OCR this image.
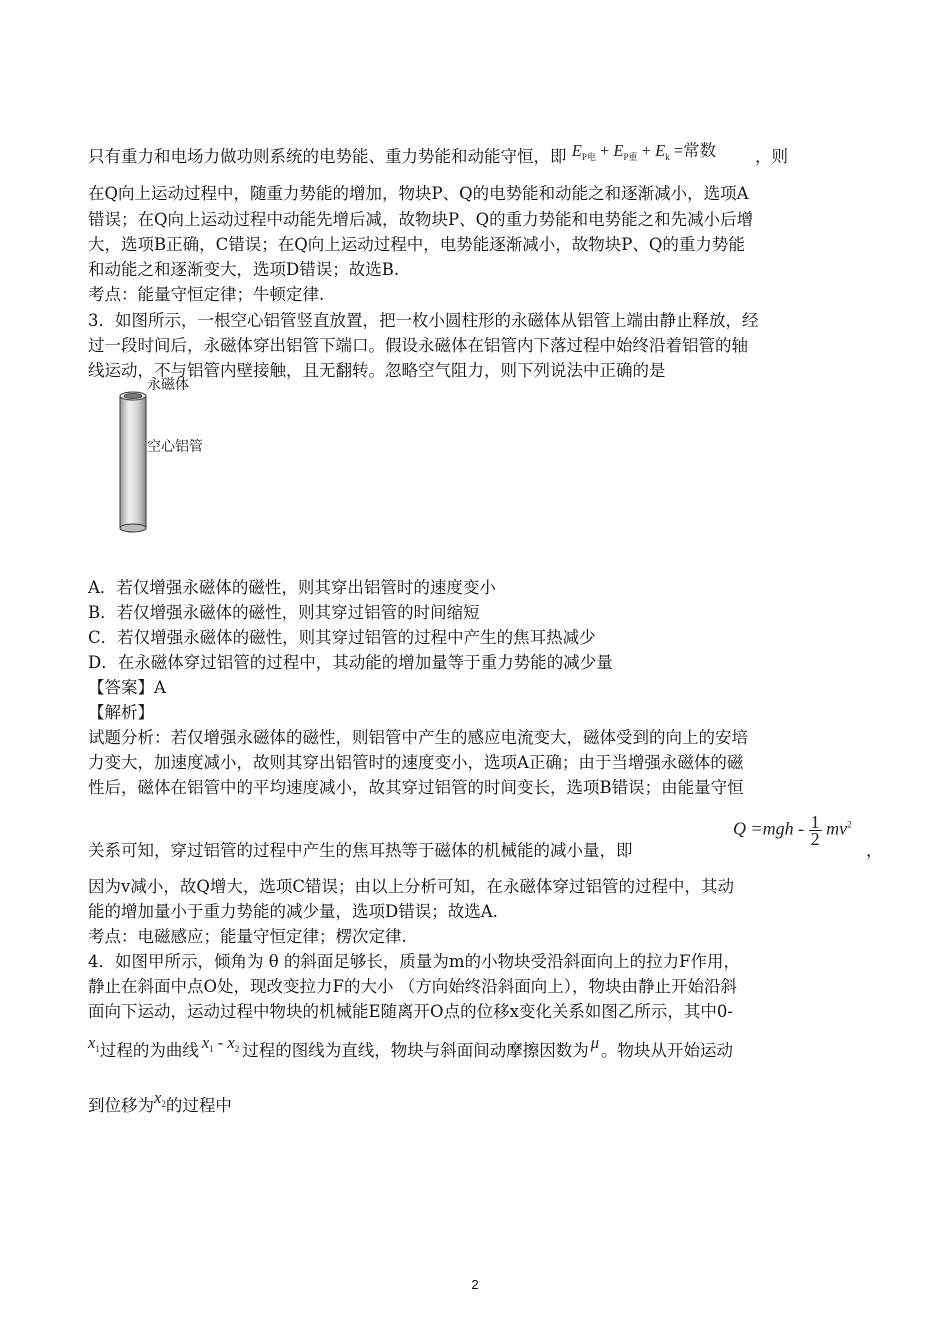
只有重力和电场力做功则系统的电势能、重力势能和动能守恒，即 $E_{P电} + E_{P重} + E_k$ =常数 ，则
在Q向上运动过程中，随重力势能的增加，物块P、Q的电势能和动能之和逐渐减小，选项A
错误；在Q向上运动过程中动能先增后减，故物块P、Q的重力势能和电势能之和先减小后增
大，选项B正确，C错误；在Q向上运动过程中，电势能逐渐减小，故物块P、Q的重力势能
和动能之和逐渐变大，选项D错误；故选B.
考点：能量守恒定律；牛顿定律.
3．如图所示，一根空心铝管竖直放置，把一枚小圆柱形的永磁体从铝管上端由静止释放，经
过一段时间后，永磁体穿出铝管下端口。假设永磁体在铝管内下落过程中始终沿着铝管的轴
线运动，不与铝管内壁接触，且无翻转。忽略空气阻力，则下列说法中正确的是
永磁体
空心铝管
A．若仅增强永磁体的磁性，则其穿出铝管时的速度变小
B．若仅增强永磁体的磁性，则其穿过铝管的时间缩短
C．若仅增强永磁体的磁性，则其穿过铝管的过程中产生的焦耳热减少
D．在永磁体穿过铝管的过程中，其动能的增加量等于重力势能的减少量
【答案】A
【解析】
试题分析：若仅增强永磁体的磁性，则铝管中产生的感应电流变大，磁体受到的向上的安培
力变大，加速度减小，故则其穿出铝管时的速度变小，选项A正确；由于当增强永磁体的磁
性后，磁体在铝管中的平均速度减小，故其穿过铝管的时间变长，选项B错误；由能量守恒
关系可知，穿过铝管的过程中产生的焦耳热等于磁体的机械能的减小量，即
$Q =mgh - \frac{1}{2} mv^2$
，
因为v减小，故Q增大，选项C错误；由以上分析可知，在永磁体穿过铝管的过程中，其动
能的增加量小于重力势能的减少量，选项D错误；故选A.
考点：电磁感应；能量守恒定律；楞次定律.
4．如图甲所示，倾角为 θ 的斜面足够长，质量为m的小物块受沿斜面向上的拉力F作用，
静止在斜面中点O处，现改变拉力F的大小 （方向始终沿斜面向上），物块由静止开始沿斜
面向下运动，运动过程中物块的机械能E随离开O点的位移x变化关系如图乙所示，其中0-
$x_1$过程的为曲线 $x_1 - x_2$ 过程的图线为直线，物块与斜面间动摩擦因数为 μ 。物块从开始运动
到位移为$x_2$的过程中
2
